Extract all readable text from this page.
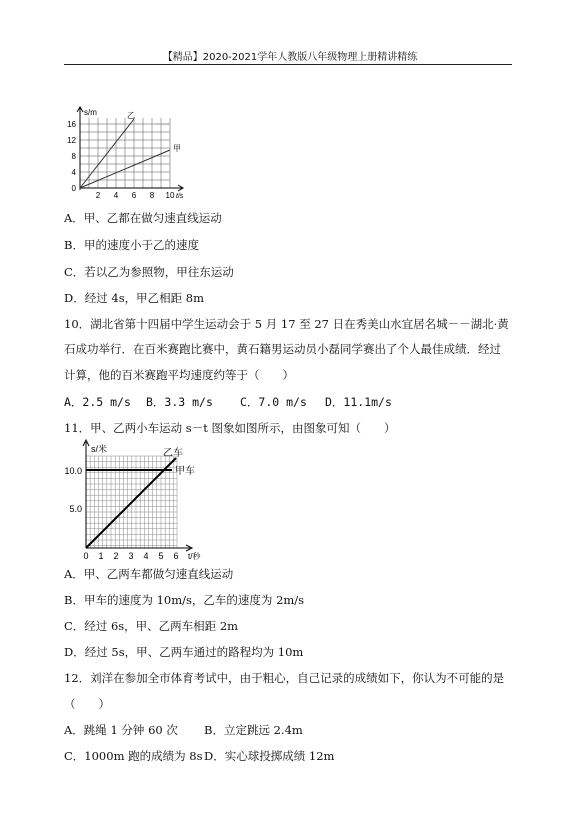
【精品】2020-2021学年人教版八年级物理上册精讲精练
s/m	乙
甲
Word文档
16
12
8
4
0
2 4 6 8 10 t/s
A．甲、乙都在做匀速直线运动
B．甲的速度小于乙的速度
C．若以乙为参照物，甲往东运动
D．经过 4s，甲乙相距 8m
10．湖北省第十四届中学生运动会于 5 月 17 至 27 日在秀美山水宜居名城－－湖北·黄
石成功举行．在百米赛跑比赛中，黄石籍男运动员小磊同学赛出了个人最佳成绩．经过
计算，他的百米赛跑平均速度约等于（　　）
A．2.5 m/s B．3.3 m/s C．7.0 m/s D．11.1m/s
11．甲、乙两小车运动 s－t 图象如图所示，由图象可知（　　）
s/米	乙车
甲车
10.0
5.0
0 1 2 3 4 5 6 t/秒
A．甲、乙两车都做匀速直线运动
B．甲车的速度为 10m/s，乙车的速度为 2m/s
C．经过 6s，甲、乙两车相距 2m
D．经过 5s，甲、乙两车通过的路程均为 10m
12．刘洋在参加全市体育考试中，由于粗心，自己记录的成绩如下，你认为不可能的是
（　　）
A．跳绳 1 分钟 60 次 B．立定跳远 2.4m
C．1000m 跑的成绩为 8s D．实心球投掷成绩 12m
